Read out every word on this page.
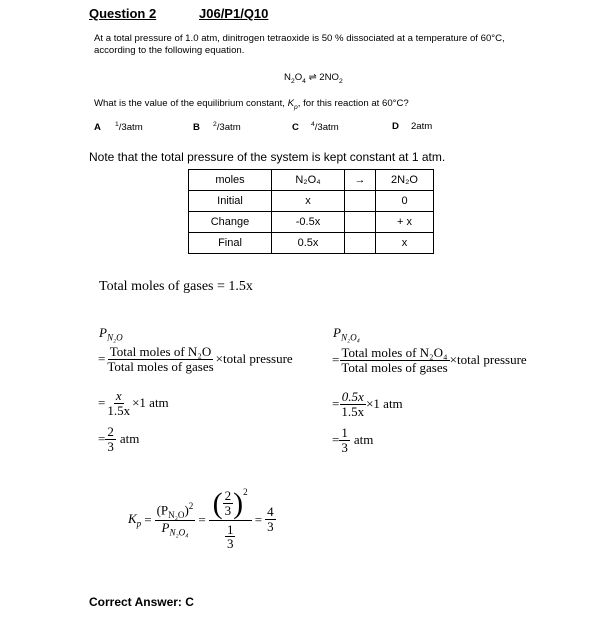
Question 2	J06/P1/Q10
At a total pressure of 1.0 atm, dinitrogen tetraoxide is 50 % dissociated at a temperature of 60°C,
according to the following equation.
$N_2O_4$ ⇌ $2NO_2$
What is the value of the equilibrium constant, $K_p$, for this reaction at 60°C?
A $^1$/3atm	B $^2$/3atm	C $^4$/3atm	D 2atm
Note that the total pressure of the system is kept constant at 1 atm.
moles	N₂O₄	→	2N₂O
Initial	x		0
Change	-0.5x		+ x
Final	0.5x		x
Total moles of gases = 1.5x
$P_{N_2O}$
= $\frac{\text{Total moles of N₂O}}{\text{Total moles of gases}}$ ×total pressure
= $\frac{x}{1.5x} \times 1$ atm
= $\frac{2}{3}$ atm
$P_{N_2O_4}$
= $\frac{\text{Total moles of N₂O₄}}{\text{Total moles of gases}}$ ×total pressure
= $\frac{0.5x}{1.5x} \times 1$ atm
= $\frac{1}{3}$ atm
$K_p = \frac{(P_{N_2O})^2}{P_{N_2O_4}} = \frac{( \frac{2}{3} )^2}{\frac{1}{3}} = \frac{4}{3}$
Correct Answer: C
